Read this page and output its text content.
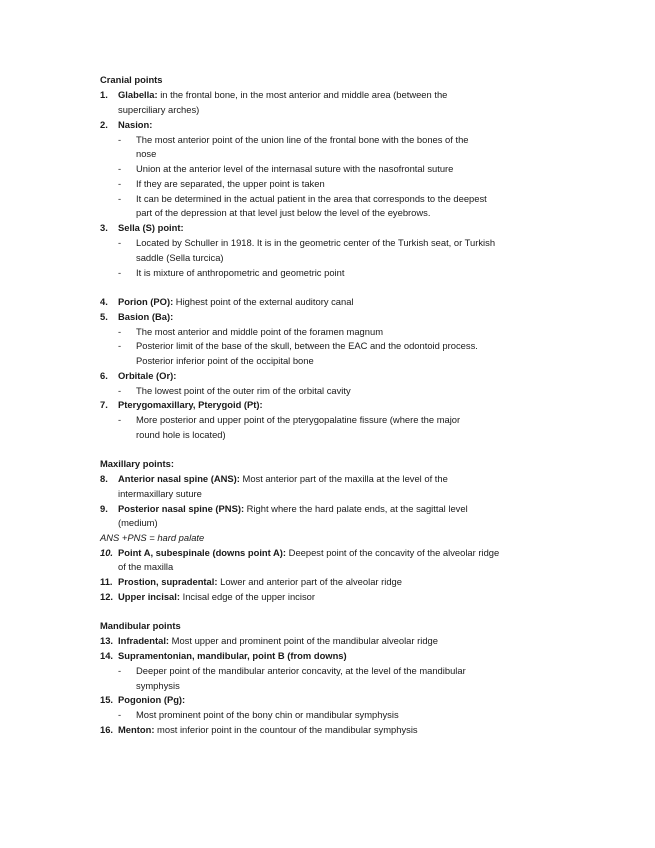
Cranial points
1. Glabella: in the frontal bone, in the most anterior and middle area (between the
superciliary arches)
2. Nasion:
- The most anterior point of the union line of the frontal bone with the bones of the
nose
- Union at the anterior level of the internasal suture with the nasofrontal suture
- If they are separated, the upper point is taken
- It can be determined in the actual patient in the area that corresponds to the deepest
part of the depression at that level just below the level of the eyebrows.
3. Sella (S) point:
- Located by Schuller in 1918. It is in the geometric center of the Turkish seat, or Turkish
saddle (Sella turcica)
- It is mixture of anthropometric and geometric point
4. Porion (PO): Highest point of the external auditory canal
5. Basion (Ba):
- The most anterior and middle point of the foramen magnum
- Posterior limit of the base of the skull, between the EAC and the odontoid process.
Posterior inferior point of the occipital bone
6. Orbitale (Or):
- The lowest point of the outer rim of the orbital cavity
7. Pterygomaxillary, Pterygoid (Pt):
- More posterior and upper point of the pterygopalatine fissure (where the major
round hole is located)
Maxillary points:
8. Anterior nasal spine (ANS): Most anterior part of the maxilla at the level of the
intermaxillary suture
9. Posterior nasal spine (PNS): Right where the hard palate ends, at the sagittal level
(medium)
ANS +PNS = hard palate
10. Point A, subespinale (downs point A): Deepest point of the concavity of the alveolar ridge
of the maxilla
11. Prostion, supradental: Lower and anterior part of the alveolar ridge
12. Upper incisal: Incisal edge of the upper incisor
Mandibular points
13. Infradental: Most upper and prominent point of the mandibular alveolar ridge
14. Supramentonian, mandibular, point B (from downs)
- Deeper point of the mandibular anterior concavity, at the level of the mandibular
symphysis
15. Pogonion (Pg):
- Most prominent point of the bony chin or mandibular symphysis
16. Menton: most inferior point in the countour of the mandibular symphysis
